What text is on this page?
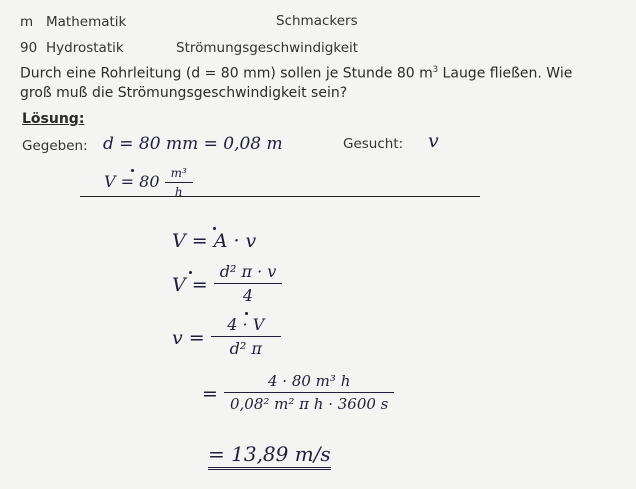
m Mathematik	Schmackers
90 Hydrostatik	Strömungsgeschwindigkeit
Durch eine Rohrleitung (d = 80 mm) sollen je Stunde 80 $m^3$ Lauge fließen. Wie
groß muß die Strömungsgeschwindigkeit sein?
Lösung:
Gegeben: d = 80 mm = 0,08 m	Gesucht: v
$V = 80 \frac{\text{m³}}{h}$
V = A · v
$V = \frac{\text{d² π · v}}{4}$
$v = \frac{4 \cdot V}{\text{d² π}}$
= $\frac{\text{4 · 80 m³ h}}{\text{0,08² m² π h · 3600 s}}$
= 13,89 m/s
